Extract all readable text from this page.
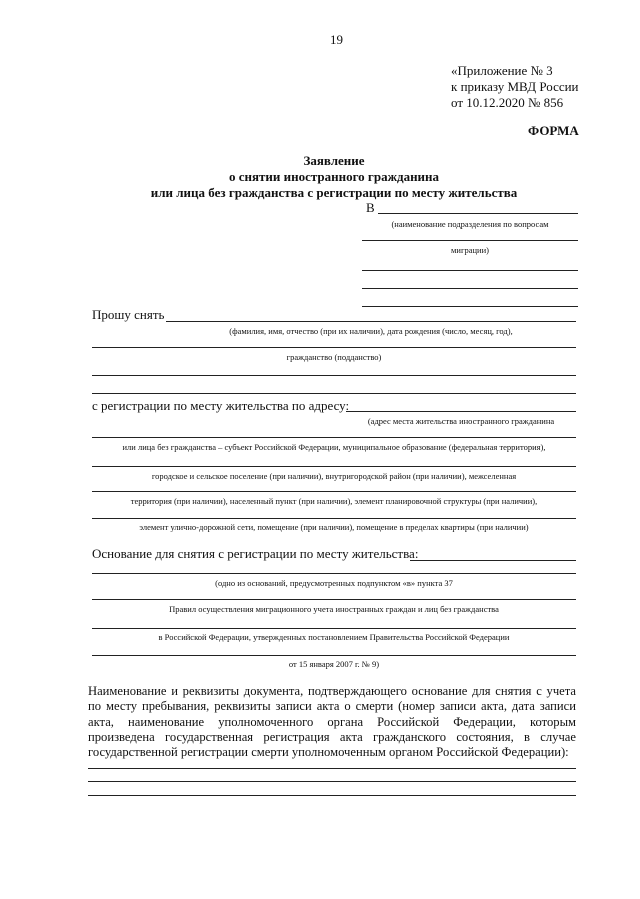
19
«Приложение № 3
к приказу МВД России
от 10.12.2020 № 856
ФОРМА
Заявление
о снятии иностранного гражданина
или лица без гражданства с регистрации по месту жительства
В
(наименование подразделения по вопросам
миграции)
Прошу снять
(фамилия, имя, отчество (при их наличии), дата рождения (число, месяц, год),
гражданство (подданство)
с регистрации по месту жительства по адресу:
(адрес места жительства иностранного гражданина
или лица без гражданства – субъект Российской Федерации, муниципальное образование (федеральная территория),
городское и сельское поселение (при наличии), внутригородской район (при наличии), межселенная
территория (при наличии), населенный пункт (при наличии), элемент планировочной структуры (при наличии),
элемент улично-дорожной сети, помещение (при наличии), помещение в пределах квартиры (при наличии)
Основание для снятия с регистрации по месту жительства:
(одно из оснований, предусмотренных подпунктом «в» пункта 37
Правил осуществления миграционного учета иностранных граждан и лиц без гражданства
в Российской Федерации, утвержденных постановлением Правительства Российской Федерации
от 15 января 2007 г. № 9)
Наименование и реквизиты документа, подтверждающего основание для снятия с учета
по месту пребывания, реквизиты записи акта о смерти (номер записи акта, дата записи
акта, наименование уполномоченного органа Российской Федерации, которым
произведена государственная регистрация акта гражданского состояния, в случае
государственной регистрации смерти уполномоченным органом Российской Федерации):
